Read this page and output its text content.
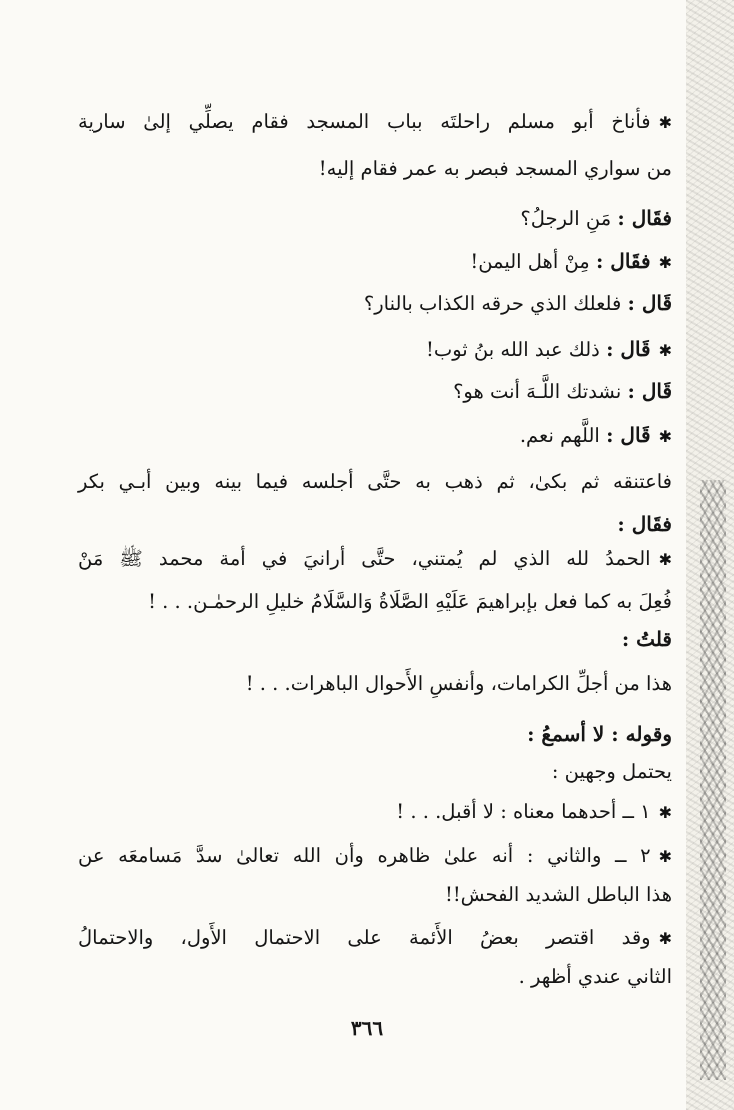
✱فأناخ أبو مسلم راحلتَه بباب المسجد فقام يصلِّي إلىٰ سارية
من سواري المسجد فبصر به عمر فقام إليه!
فقَال : مَنِ الرجلُ؟
✱فقَال : مِنْ أهل اليمن!
قَال : فلعلك الذي حرقه الكذاب بالنار؟
✱قَال : ذلك عبد الله بنُ ثوب!
قَال : نشدتك اللَّـهَ أنت هو؟
✱قَال : اللَّهم نعم.
فاعتنقه ثم بكىٰ، ثم ذهب به حتَّى أجلسه فيما بينه وبين أبـي بكر
فقَال :
✱الحمدُ لله الذي لم يُمتني، حتَّى أرانيَ في أمة محمد ﷺ مَنْ
فُعِلَ به كما فعل بإبراهيمَ عَلَيْهِ الصَّلَاةُ وَالسَّلَامُ خليلِ الرحمٰـن. . . !
قلتُ :
هذا من أجلِّ الكرامات، وأنفسِ الأَحوال الباهرات. . . !
وقوله : لا أسمعُ :
يحتمل وجهين :
✱١ ــ أحدهما معناه : لا أقبل. . . !
✱٢ ــ والثاني : أنه علىٰ ظاهره وأن الله تعالىٰ سدَّ مَسامعَه عن
هذا الباطل الشديد الفحش!!
✱وقد اقتصر بعضُ الأَئمة على الاحتمال الأَول، والاحتمالُ
الثاني عندي أظهر .
٣٦٦
